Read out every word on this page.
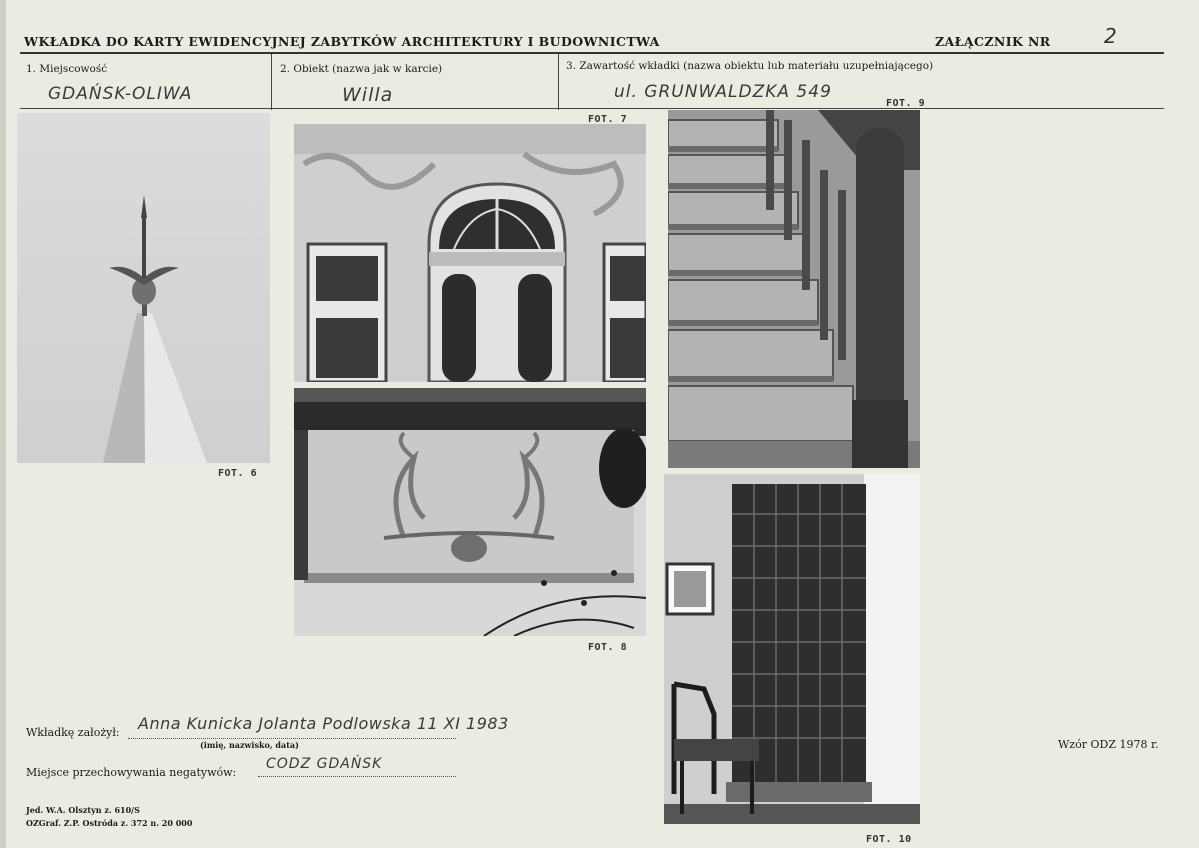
WKŁADKA DO KARTY EWIDENCYJNEJ ZABYTKÓW ARCHITEKTURY I BUDOWNICTWA	ZAŁĄCZNIK NR	2
1. Miejscowość
GDAŃSK-OLIWA
2. Obiekt (nazwa jak w karcie)
Willa
3. Zawartość wkładki (nazwa obiektu lub materiału uzupełniającego)
ul. GRUNWALDZKA 549
FOT. 6
FOT. 7
FOT. 8
FOT. 9
FOT. 10
Wkładkę założył: Anna Kunicka Jolanta Podlowska 11 XI 1983
(imię, nazwisko, data)
Miejsce przechowywania negatywów:
CODZ GDAŃSK
Wzór ODZ 1978 r.
Jed. W.A. Olsztyn z. 610/S
OZGraf. Z.P. Ostróda z. 372 n. 20 000
